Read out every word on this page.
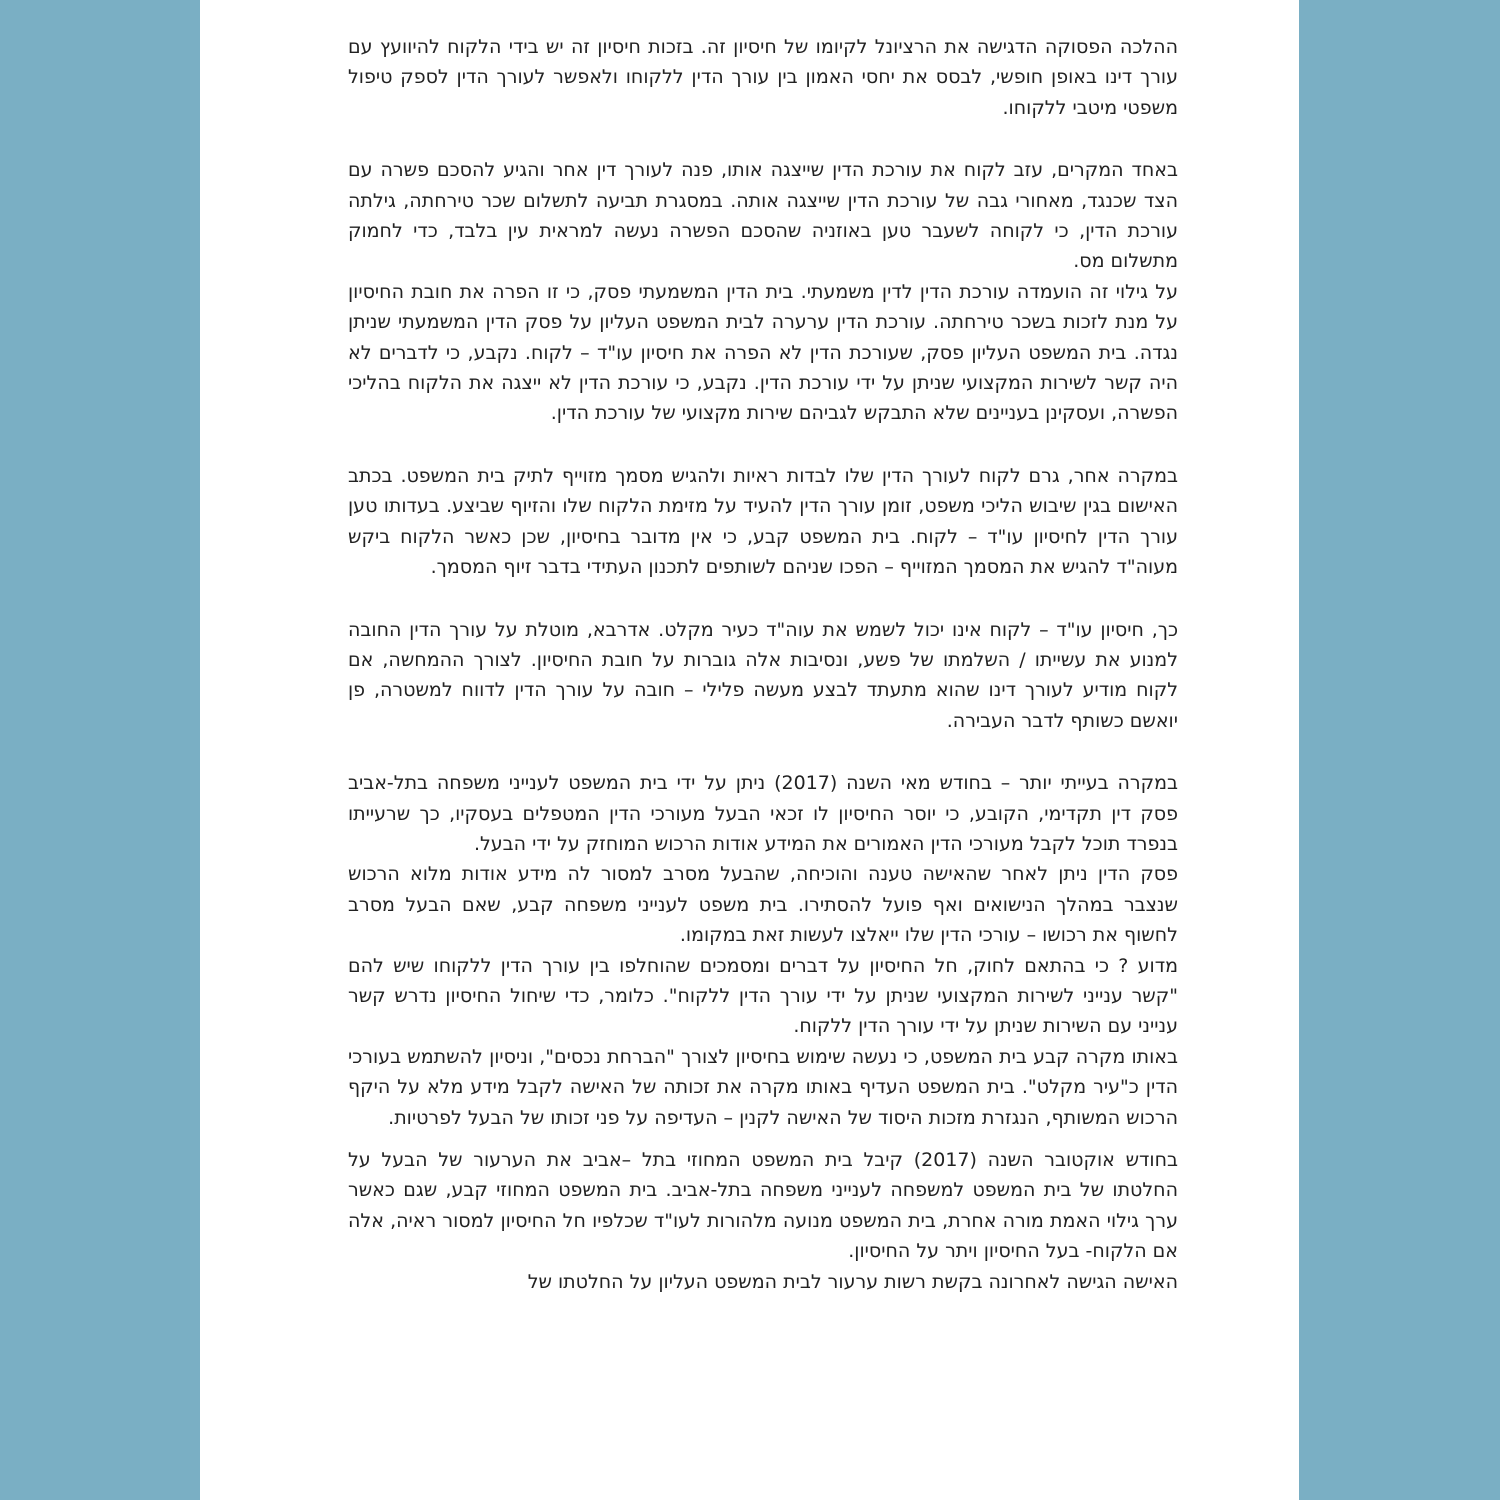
ההלכה הפסוקה הדגישה את הרציונל לקיומו של חיסיון זה. בזכות חיסיון זה יש בידי הלקוח להיוועץ עם עורך דינו באופן חופשי, לבסס את יחסי האמון בין עורך הדין ללקוחו ולאפשר לעורך הדין לספק טיפול משפטי מיטבי ללקוחו.

באחד המקרים, עזב לקוח את עורכת הדין שייצגה אותו, פנה לעורך דין אחר והגיע להסכם פשרה עם הצד שכנגד, מאחורי גבה של עורכת הדין שייצגה אותה. במסגרת תביעה לתשלום שכר טירחתה, גילתה עורכת הדין, כי לקוחה לשעבר טען באוזניה שהסכם הפשרה נעשה למראית עין בלבד, כדי לחמוק מתשלום מס.

על גילוי זה הועמדה עורכת הדין לדין משמעתי. בית הדין המשמעתי פסק, כי זו הפרה את חובת החיסיון על מנת לזכות בשכר טירחתה. עורכת הדין ערערה לבית המשפט העליון על פסק הדין המשמעתי שניתן נגדה. בית המשפט העליון פסק, שעורכת הדין לא הפרה את חיסיון עו"ד – לקוח. נקבע, כי לדברים לא היה קשר לשירות המקצועי שניתן על ידי עורכת הדין. נקבע, כי עורכת הדין לא ייצגה את הלקוח בהליכי הפשרה, ועסקינן בעניינים שלא התבקש לגביהם שירות מקצועי של עורכת הדין.

במקרה אחר, גרם לקוח לעורך הדין שלו לבדות ראיות ולהגיש מסמך מזוייף לתיק בית המשפט. בכתב האישום בגין שיבוש הליכי משפט, זומן עורך הדין להעיד על מזימת הלקוח שלו והזיוף שביצע. בעדותו טען עורך הדין לחיסיון עו"ד – לקוח. בית המשפט קבע, כי אין מדובר בחיסיון, שכן כאשר הלקוח ביקש מעוה"ד להגיש את המסמך המזוייף – הפכו שניהם לשותפים לתכנון העתידי בדבר זיוף המסמך.

כך, חיסיון עו"ד – לקוח אינו יכול לשמש את עוה"ד כעיר מקלט. אדרבא, מוטלת על עורך הדין החובה למנוע את עשייתו / השלמתו של פשע, ונסיבות אלה גוברות על חובת החיסיון. לצורך ההמחשה, אם לקוח מודיע לעורך דינו שהוא מתעתד לבצע מעשה פלילי – חובה על עורך הדין לדווח למשטרה, פן יואשם כשותף לדבר העבירה.

במקרה בעייתי יותר – בחודש מאי השנה (2017) ניתן על ידי בית המשפט לענייני משפחה בתל-אביב פסק דין תקדימי, הקובע, כי יוסר החיסיון לו זכאי הבעל מעורכי הדין המטפלים בעסקיו, כך שרעייתו בנפרד תוכל לקבל מעורכי הדין האמורים את המידע אודות הרכוש המוחזק על ידי הבעל.

פסק הדין ניתן לאחר שהאישה טענה והוכיחה, שהבעל מסרב למסור לה מידע אודות מלוא הרכוש שנצבר במהלך הנישואים ואף פועל להסתירו. בית משפט לענייני משפחה קבע, שאם הבעל מסרב לחשוף את רכושו – עורכי הדין שלו ייאלצו לעשות זאת במקומו.

מדוע ? כי בהתאם לחוק, חל החיסיון על דברים ומסמכים שהוחלפו בין עורך הדין ללקוחו שיש להם "קשר ענייני לשירות המקצועי שניתן על ידי עורך הדין ללקוח". כלומר, כדי שיחול החיסיון נדרש קשר ענייני עם השירות שניתן על ידי עורך הדין ללקוח.

באותו מקרה קבע בית המשפט, כי נעשה שימוש בחיסיון לצורך "הברחת נכסים", וניסיון להשתמש בעורכי הדין כ"עיר מקלט". בית המשפט העדיף באותו מקרה את זכותה של האישה לקבל מידע מלא על היקף הרכוש המשותף, הנגזרת מזכות היסוד של האישה לקנין – העדיפה על פני זכותו של הבעל לפרטיות.

בחודש אוקטובר השנה (2017) קיבל בית המשפט המחוזי בתל –אביב את הערעור של הבעל על החלטתו של בית המשפט למשפחה לענייני משפחה בתל-אביב. בית המשפט המחוזי קבע, שגם כאשר ערך גילוי האמת מורה אחרת, בית המשפט מנועה מלהורות לעו"ד שכלפיו חל החיסיון למסור ראיה, אלה אם הלקוח- בעל החיסיון ויתר על החיסיון.

האישה הגישה לאחרונה בקשת רשות ערעור לבית המשפט העליון על החלטתו של
